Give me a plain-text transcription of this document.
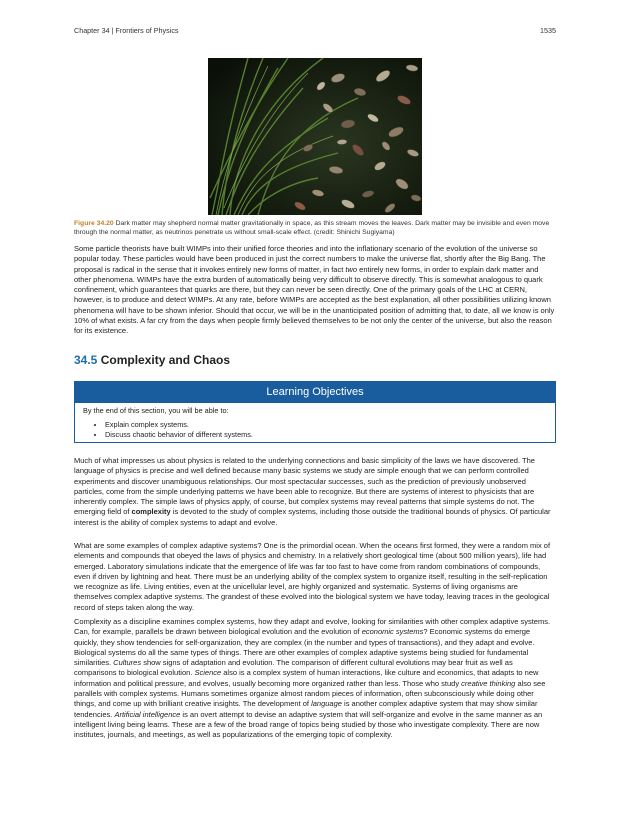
Chapter 34 | Frontiers of Physics	1535
Figure 34.20 Dark matter may shepherd normal matter gravitationally in space, as this stream moves the leaves. Dark matter may be invisible and even move through the normal matter, as neutrinos penetrate us without small-scale effect. (credit: Shinichi Sugiyama)

Some particle theorists have built WIMPs into their unified force theories and into the inflationary scenario of the evolution of the universe so popular today. These particles would have been produced in just the correct numbers to make the universe flat, shortly after the Big Bang. The proposal is radical in the sense that it invokes entirely new forms of matter, in fact two entirely new forms, in order to explain dark matter and other phenomena. WIMPs have the extra burden of automatically being very difficult to observe directly. This is somewhat analogous to quark confinement, which guarantees that quarks are there, but they can never be seen directly. One of the primary goals of the LHC at CERN, however, is to produce and detect WIMPs. At any rate, before WIMPs are accepted as the best explanation, all other possibilities utilizing known phenomena will have to be shown inferior. Should that occur, we will be in the unanticipated position of admitting that, to date, all we know is only 10% of what exists. A far cry from the days when people firmly believed themselves to be not only the center of the universe, but also the reason for its existence.

34.5 Complexity and Chaos
Learning Objectives
By the end of this section, you will be able to:
• Explain complex systems.
• Discuss chaotic behavior of different systems.

Much of what impresses us about physics is related to the underlying connections and basic simplicity of the laws we have discovered. The language of physics is precise and well defined because many basic systems we study are simple enough that we can perform controlled experiments and discover unambiguous relationships. Our most spectacular successes, such as the prediction of previously unobserved particles, come from the simple underlying patterns we have been able to recognize. But there are systems of interest to physicists that are inherently complex. The simple laws of physics apply, of course, but complex systems may reveal patterns that simple systems do not. The emerging field of complexity is devoted to the study of complex systems, including those outside the traditional bounds of physics. Of particular interest is the ability of complex systems to adapt and evolve.

What are some examples of complex adaptive systems? One is the primordial ocean. When the oceans first formed, they were a random mix of elements and compounds that obeyed the laws of physics and chemistry. In a relatively short geological time (about 500 million years), life had emerged. Laboratory simulations indicate that the emergence of life was far too fast to have come from random combinations of compounds, even if driven by lightning and heat. There must be an underlying ability of the complex system to organize itself, resulting in the self-replication we recognize as life. Living entities, even at the unicellular level, are highly organized and systematic. Systems of living organisms are themselves complex adaptive systems. The grandest of these evolved into the biological system we have today, leaving traces in the geological record of steps taken along the way.

Complexity as a discipline examines complex systems, how they adapt and evolve, looking for similarities with other complex adaptive systems. Can, for example, parallels be drawn between biological evolution and the evolution of economic systems? Economic systems do emerge quickly, they show tendencies for self-organization, they are complex (in the number and types of transactions), and they adapt and evolve. Biological systems do all the same types of things. There are other examples of complex adaptive systems being studied for fundamental similarities. Cultures show signs of adaptation and evolution. The comparison of different cultural evolutions may bear fruit as well as comparisons to biological evolution. Science also is a complex system of human interactions, like culture and economics, that adapts to new information and political pressure, and evolves, usually becoming more organized rather than less. Those who study creative thinking also see parallels with complex systems. Humans sometimes organize almost random pieces of information, often subconsciously while doing other things, and come up with brilliant creative insights. The development of language is another complex adaptive system that may show similar tendencies. Artificial intelligence is an overt attempt to devise an adaptive system that will self-organize and evolve in the same manner as an intelligent living being learns. These are a few of the broad range of topics being studied by those who investigate complexity. There are now institutes, journals, and meetings, as well as popularizations of the emerging topic of complexity.
